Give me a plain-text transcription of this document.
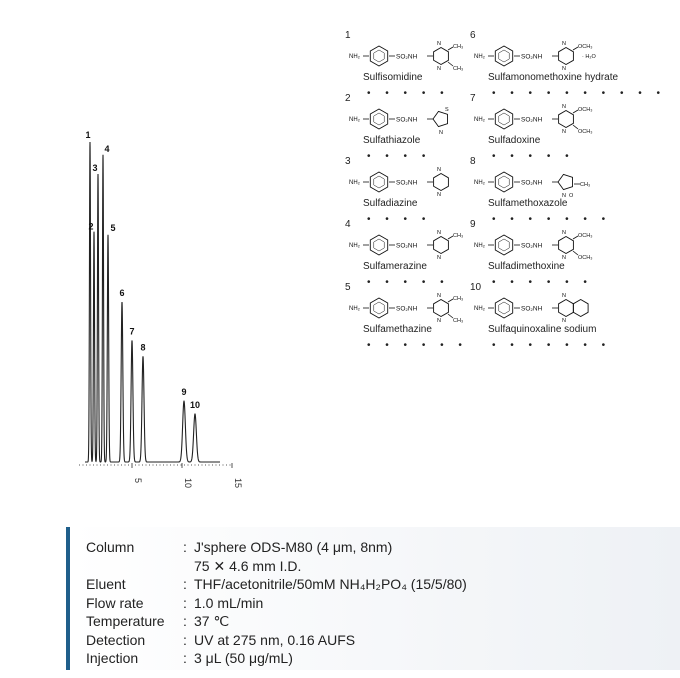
5	10	15
1
2
3
4
5
6
7
8
9
10
1
NH₂	SO₂NH
N
N
CH₃
CH₃
Sulfisomidine
• • • • •
2
NH₂	SO₂NH
S
N
Sulfathiazole
• • • •
3
NH₂	SO₂NH
N
N
Sulfadiazine
• • • •
4
NH₂	SO₂NH
N
N
CH₃
Sulfamerazine
• • • • •
5
NH₂	SO₂NH
N
N
CH₃
CH₃
Sulfamethazine
• • • • • •
6
NH₂	SO₂NH
N
N
OCH₃
· H₂O
Sulfamonomethoxine hydrate
• • • • • • • • • •
7
NH₂	SO₂NH
N
N
OCH₃
OCH₃
Sulfadoxine
• • • • •
8
NH₂	SO₂NH
N O
CH₃
Sulfamethoxazole
• • • • • • •
9
NH₂	SO₂NH
N
N
OCH₃
OCH₃
Sulfadimethoxine
• • • • • •
10
NH₂	SO₂NH
N
N
Sulfaquinoxaline sodium
• • • • • • •
Column	: J'sphere ODS-M80 (4 μm, 8nm)
75 ✕ 4.6 mm I.D.
Eluent	: THF/acetonitrile/50mM NH₄H₂PO₄ (15/5/80)
Flow rate	: 1.0 mL/min
Temperature	: 37 ℃
Detection	: UV at 275 nm, 0.16 AUFS
Injection	: 3 μL (50 μg/mL)
